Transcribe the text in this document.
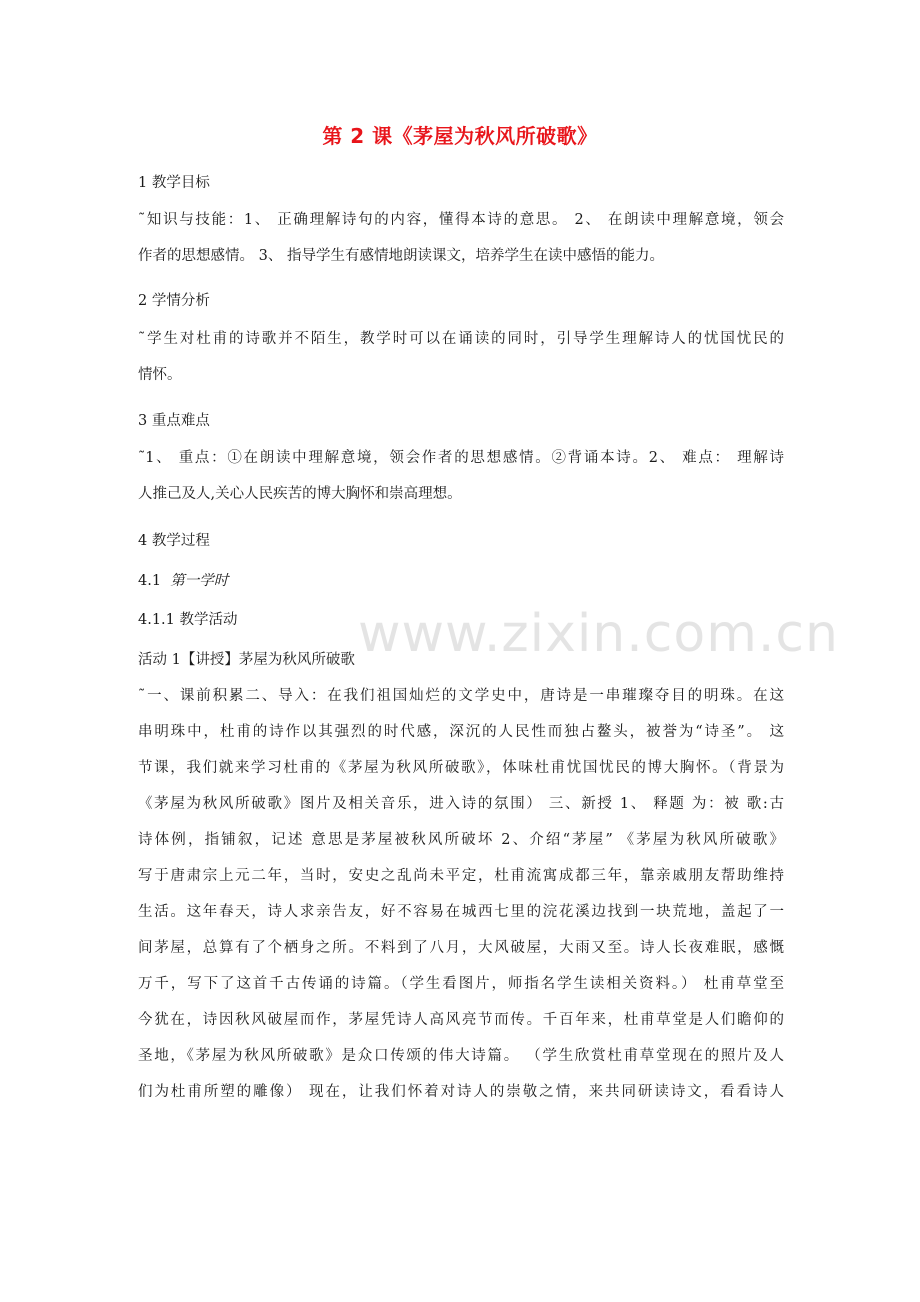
www.zixin.com.cn
第 2 课《茅屋为秋风所破歌》
1 教学目标
˜知识与技能：1、 正确理解诗句的内容，懂得本诗的意思。 2、 在朗读中理解意境，领会
作者的思想感情。 3、 指导学生有感情地朗读课文，培养学生在读中感悟的能力。
2 学情分析
˜学生对杜甫的诗歌并不陌生，教学时可以在诵读的同时，引导学生理解诗人的忧国忧民的
情怀。
3 重点难点
˜1、 重点：①在朗读中理解意境，领会作者的思想感情。②背诵本诗。2、 难点： 理解诗
人推己及人,关心人民疾苦的博大胸怀和崇高理想。
4 教学过程
4.1 第一学时
4.1.1 教学活动
活动 1【讲授】茅屋为秋风所破歌
˜一、课前积累二、导入：在我们祖国灿烂的文学史中，唐诗是一串璀璨夺目的明珠。在这
串明珠中，杜甫的诗作以其强烈的时代感，深沉的人民性而独占鳌头，被誉为“诗圣”。 这
节课，我们就来学习杜甫的《茅屋为秋风所破歌》，体味杜甫忧国忧民的博大胸怀。（背景为
《茅屋为秋风所破歌》图片及相关音乐，进入诗的氛围） 三、新授 1、 释题 为：被 歌:古
诗体例，指铺叙，记述 意思是茅屋被秋风所破坏 2、介绍“茅屋” 《茅屋为秋风所破歌》
写于唐肃宗上元二年，当时，安史之乱尚未平定，杜甫流寓成都三年，靠亲戚朋友帮助维持
生活。这年春天，诗人求亲告友，好不容易在城西七里的浣花溪边找到一块荒地，盖起了一
间茅屋，总算有了个栖身之所。不料到了八月，大风破屋，大雨又至。诗人长夜难眠，感慨
万千，写下了这首千古传诵的诗篇。（学生看图片，师指名学生读相关资料。） 杜甫草堂至
今犹在，诗因秋风破屋而作，茅屋凭诗人高风亮节而传。千百年来，杜甫草堂是人们瞻仰的
圣地，《茅屋为秋风所破歌》是众口传颂的伟大诗篇。 （学生欣赏杜甫草堂现在的照片及人
们为杜甫所塑的雕像） 现在，让我们怀着对诗人的崇敬之情，来共同研读诗文，看看诗人
